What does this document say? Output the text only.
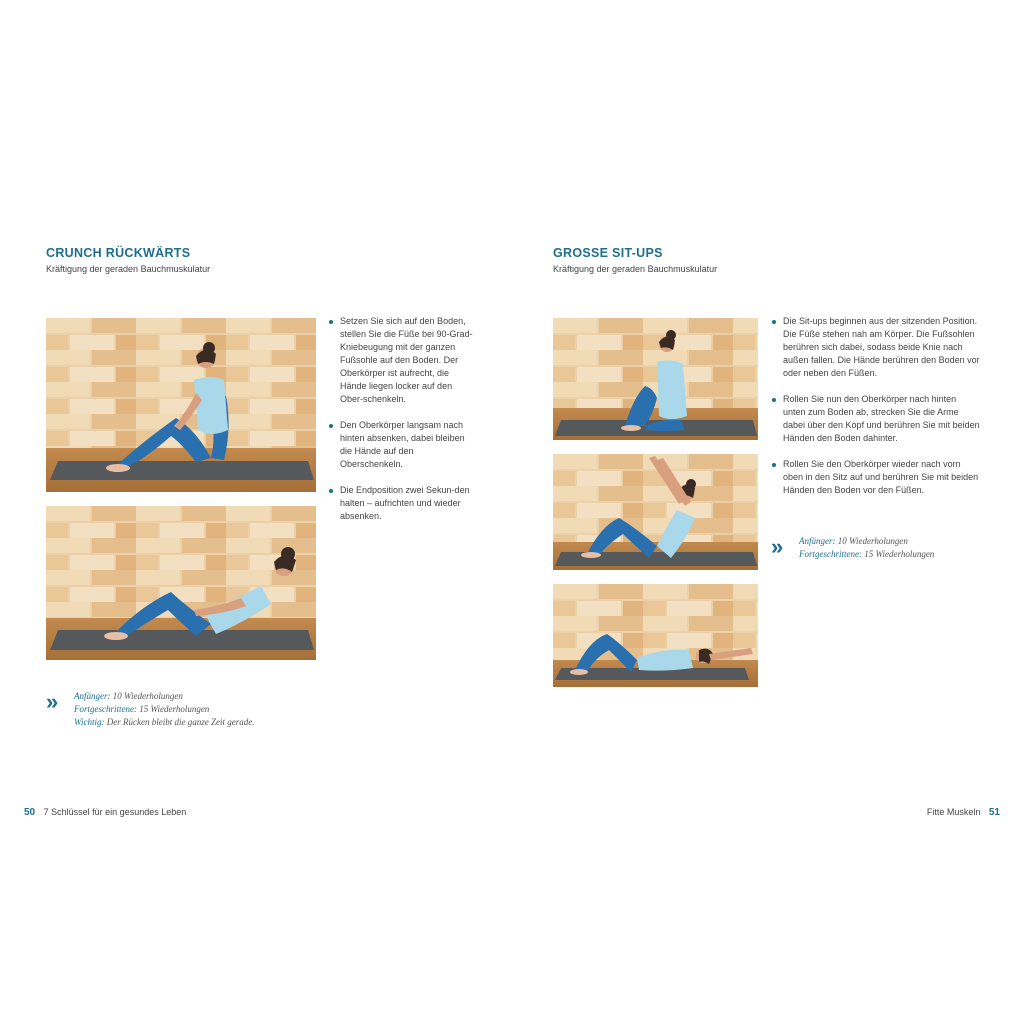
CRUNCH RÜCKWÄRTS
Kräftigung der geraden Bauchmuskulatur
Setzen Sie sich auf den Boden, stellen Sie die Füße bei 90-Grad-Kniebeugung mit der ganzen Fußsohle auf den Boden. Der Oberkörper ist aufrecht, die Hände liegen locker auf den Ober-schenkeln.
Den Oberkörper langsam nach hinten absenken, dabei bleiben die Hände auf den Oberschenkeln.
Die Endposition zwei Sekun-den halten – aufrichten und wieder absenken.
» Anfänger: 10 Wiederholungen
Fortgeschrittene: 15 Wiederholungen
Wichtig: Der Rücken bleibt die ganze Zeit gerade.
50 7 Schlüssel für ein gesundes Leben
GROSSE SIT-UPS
Kräftigung der geraden Bauchmuskulatur
Die Sit-ups beginnen aus der sitzenden Position. Die Füße stehen nah am Körper. Die Fußsohlen berühren sich dabei, sodass beide Knie nach außen fallen. Die Hände berühren den Boden vor oder neben den Füßen.
Rollen Sie nun den Oberkörper nach hinten unten zum Boden ab, strecken Sie die Arme dabei über den Kopf und berühren Sie mit beiden Händen den Boden dahinter.
Rollen Sie den Oberkörper wieder nach vorn oben in den Sitz auf und berühren Sie mit beiden Händen den Boden vor den Füßen.
» Anfänger: 10 Wiederholungen
Fortgeschrittene: 15 Wiederholungen
Fitte Muskeln 51
